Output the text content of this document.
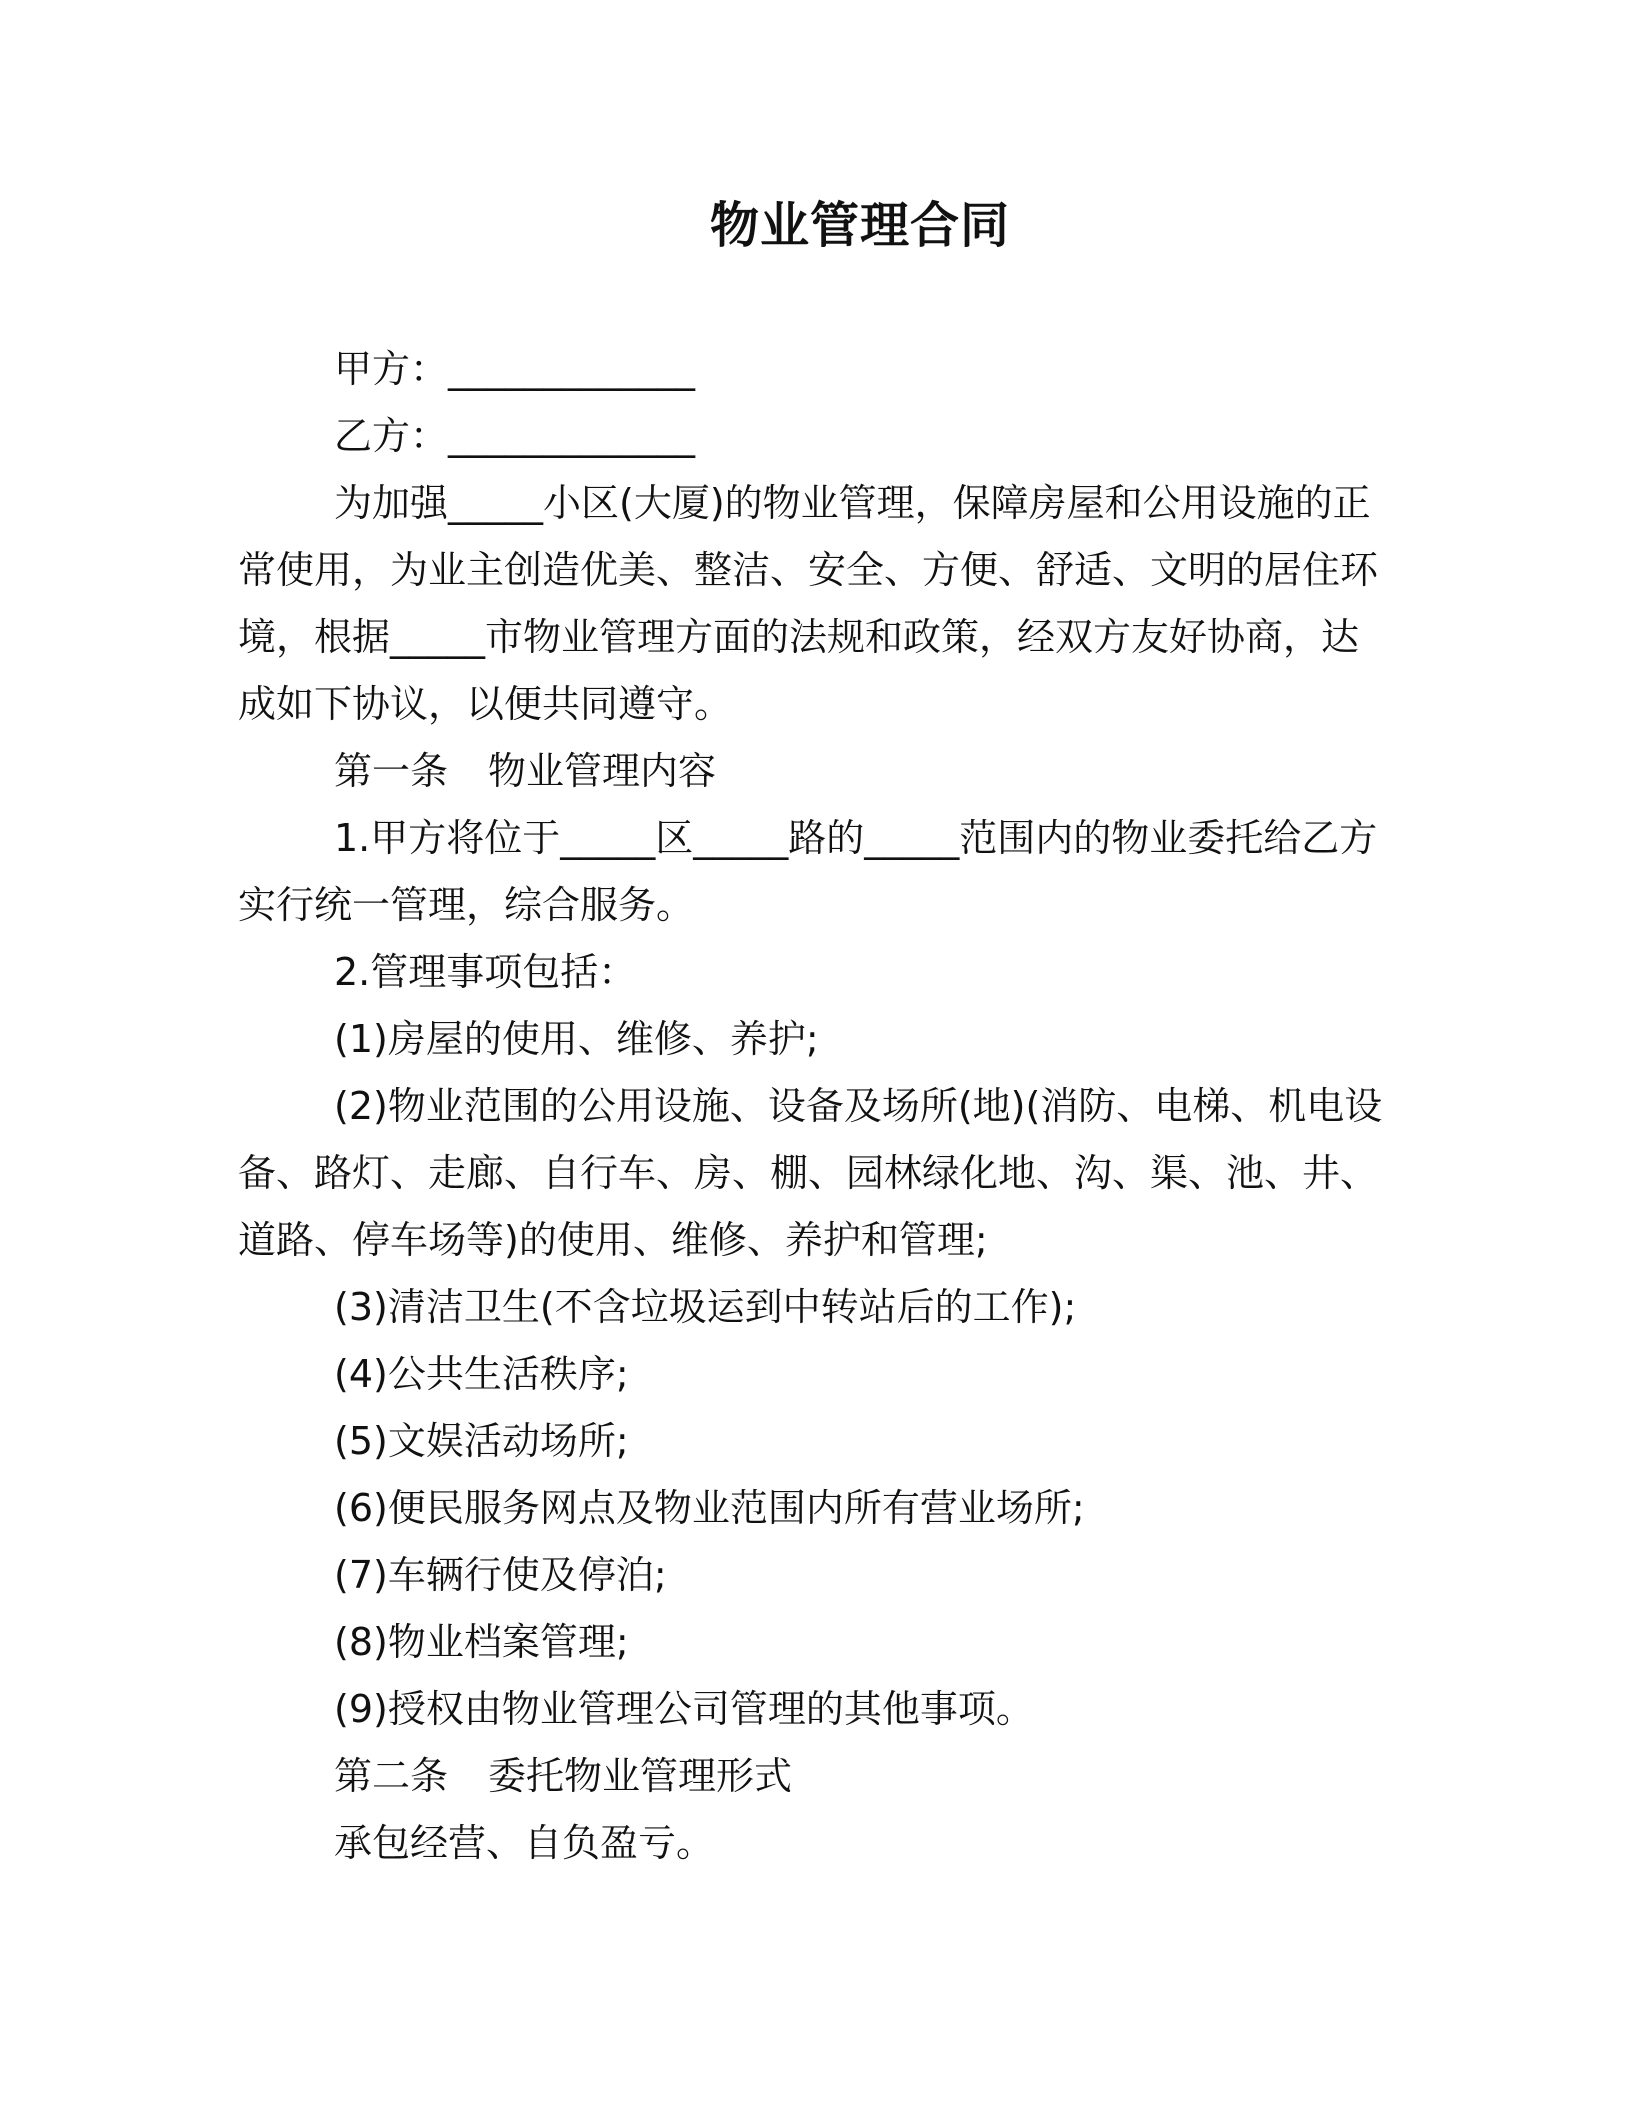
物业管理合同

甲方：_____________

乙方：_____________

为加强_____小区(大厦)的物业管理，保障房屋和公用设施的正常使用，为业主创造优美、整洁、安全、方便、舒适、文明的居住环境，根据_____市物业管理方面的法规和政策，经双方友好协商，达成如下协议，以便共同遵守。

第一条 物业管理内容

1.甲方将位于_____区_____路的_____范围内的物业委托给乙方实行统一管理，综合服务。

2.管理事项包括：

(1)房屋的使用、维修、养护;

(2)物业范围的公用设施、设备及场所(地)(消防、电梯、机电设备、路灯、走廊、自行车、房、棚、园林绿化地、沟、渠、池、井、道路、停车场等)的使用、维修、养护和管理;

(3)清洁卫生(不含垃圾运到中转站后的工作);

(4)公共生活秩序;

(5)文娱活动场所;

(6)便民服务网点及物业范围内所有营业场所;

(7)车辆行使及停泊;

(8)物业档案管理;

(9)授权由物业管理公司管理的其他事项。

第二条 委托物业管理形式

承包经营、自负盈亏。
